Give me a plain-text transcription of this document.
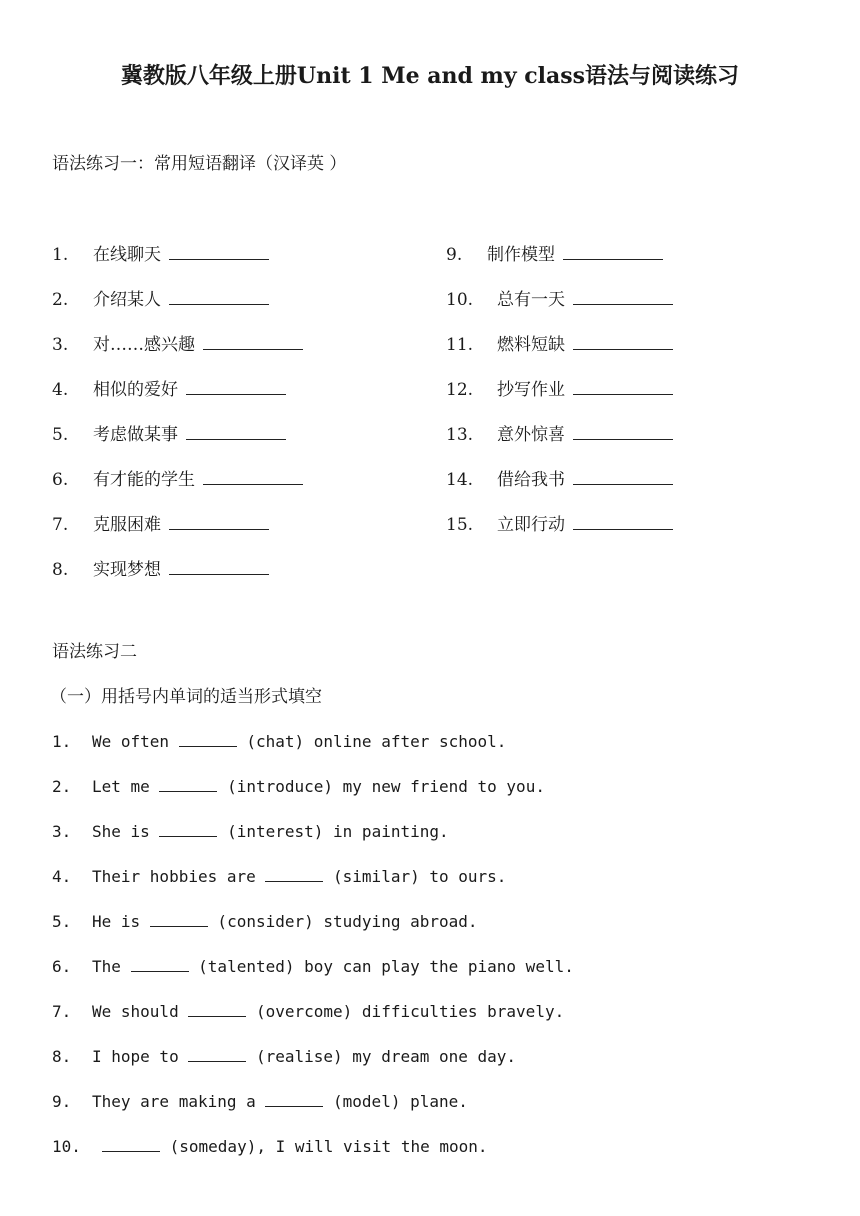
冀教版八年级上册Unit 1 Me and my class语法与阅读练习

语法练习一：常用短语翻译（汉译英 ）

1. 在线聊天
2. 介绍某人
3. 对……感兴趣
4. 相似的爱好
5. 考虑做某事
6. 有才能的学生
7. 克服困难
8. 实现梦想
9. 制作模型
10. 总有一天
11. 燃料短缺
12. 抄写作业
13. 意外惊喜
14. 借给我书
15. 立即行动

语法练习二

（一）用括号内单词的适当形式填空

1. We often	(chat) online after school.
2. Let me	(introduce) my new friend to you.
3. She is	(interest) in painting.
4. Their hobbies are	(similar) to ours.
5. He is	(consider) studying abroad.
6. The	(talented) boy can play the piano well.
7. We should	(overcome) difficulties bravely.
8. I hope to	(realise) my dream one day.
9. They are making a	(model) plane.
10.	(someday), I will visit the moon.
